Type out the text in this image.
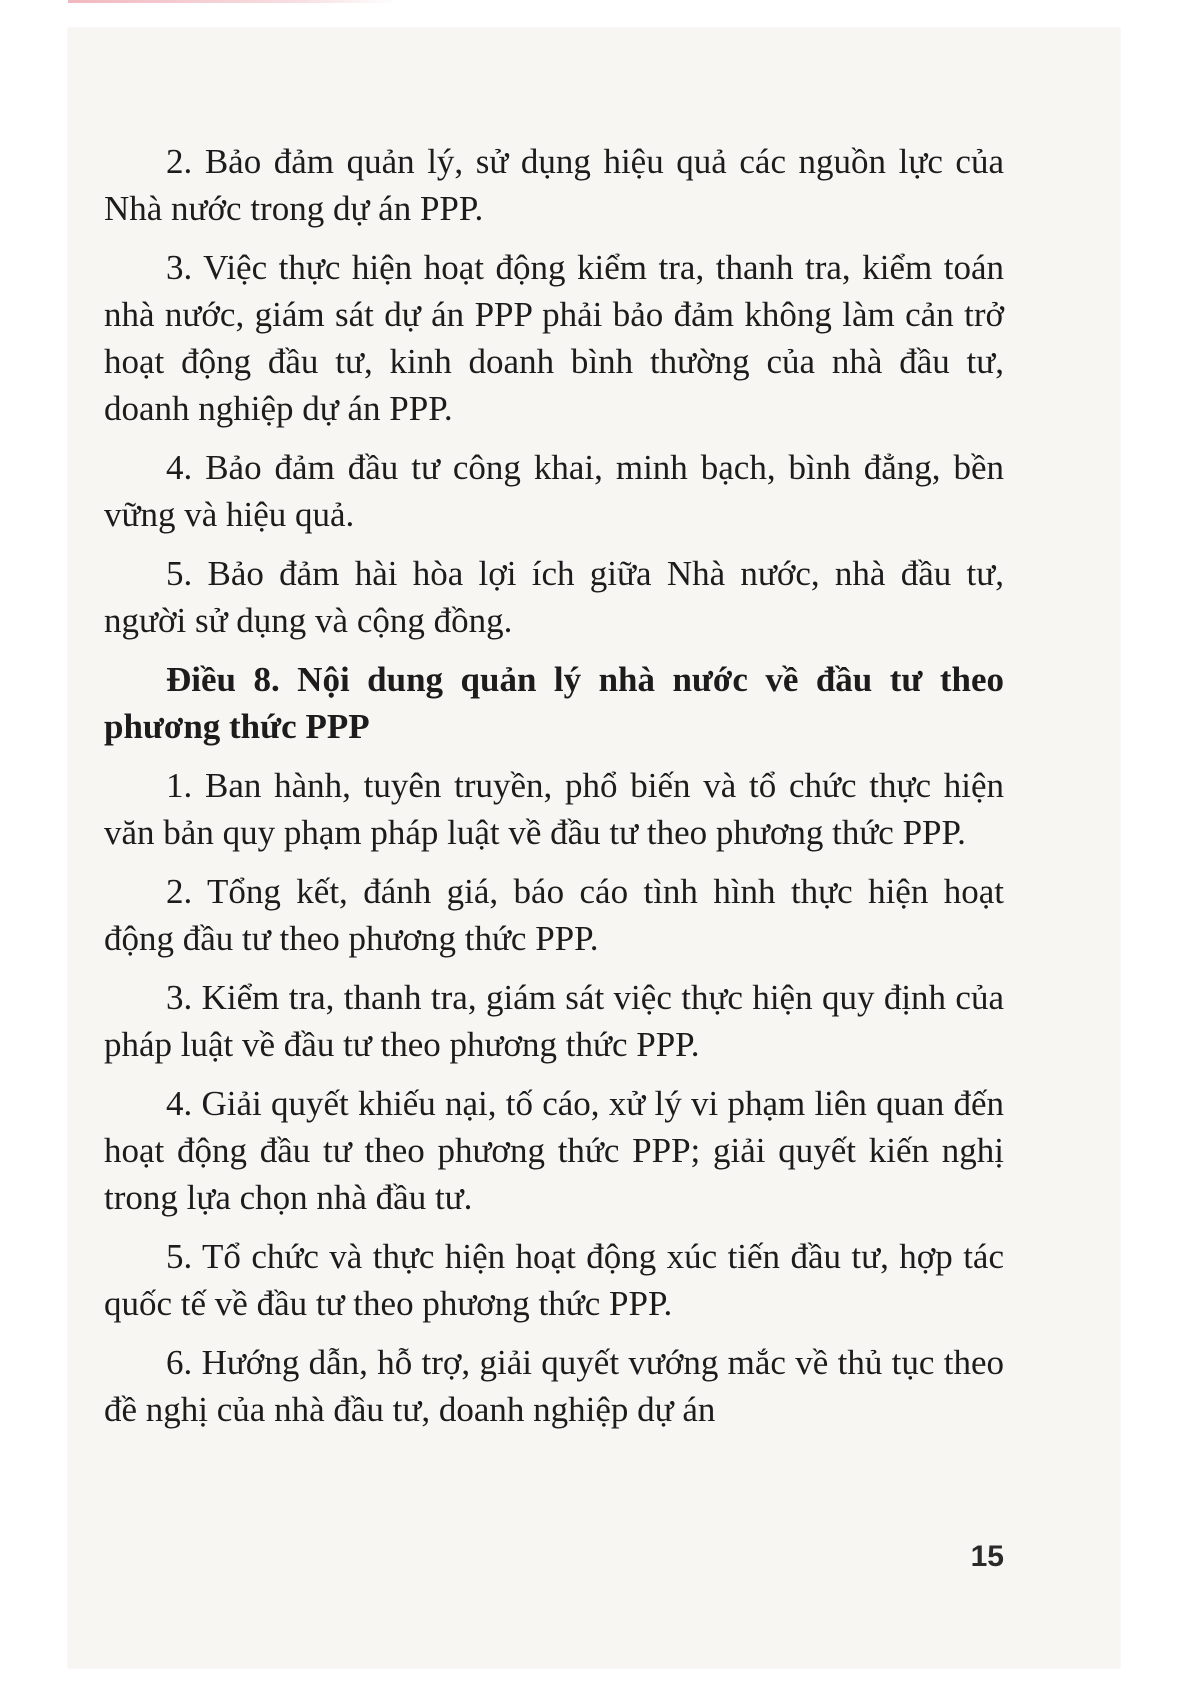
2. Bảo đảm quản lý, sử dụng hiệu quả các nguồn lực của Nhà nước trong dự án PPP.

3. Việc thực hiện hoạt động kiểm tra, thanh tra, kiểm toán nhà nước, giám sát dự án PPP phải bảo đảm không làm cản trở hoạt động đầu tư, kinh doanh bình thường của nhà đầu tư, doanh nghiệp dự án PPP.

4. Bảo đảm đầu tư công khai, minh bạch, bình đẳng, bền vững và hiệu quả.

5. Bảo đảm hài hòa lợi ích giữa Nhà nước, nhà đầu tư, người sử dụng và cộng đồng.

Điều 8. Nội dung quản lý nhà nước về đầu tư theo phương thức PPP

1. Ban hành, tuyên truyền, phổ biến và tổ chức thực hiện văn bản quy phạm pháp luật về đầu tư theo phương thức PPP.

2. Tổng kết, đánh giá, báo cáo tình hình thực hiện hoạt động đầu tư theo phương thức PPP.

3. Kiểm tra, thanh tra, giám sát việc thực hiện quy định của pháp luật về đầu tư theo phương thức PPP.

4. Giải quyết khiếu nại, tố cáo, xử lý vi phạm liên quan đến hoạt động đầu tư theo phương thức PPP; giải quyết kiến nghị trong lựa chọn nhà đầu tư.

5. Tổ chức và thực hiện hoạt động xúc tiến đầu tư, hợp tác quốc tế về đầu tư theo phương thức PPP.

6. Hướng dẫn, hỗ trợ, giải quyết vướng mắc về thủ tục theo đề nghị của nhà đầu tư, doanh nghiệp dự án

15
